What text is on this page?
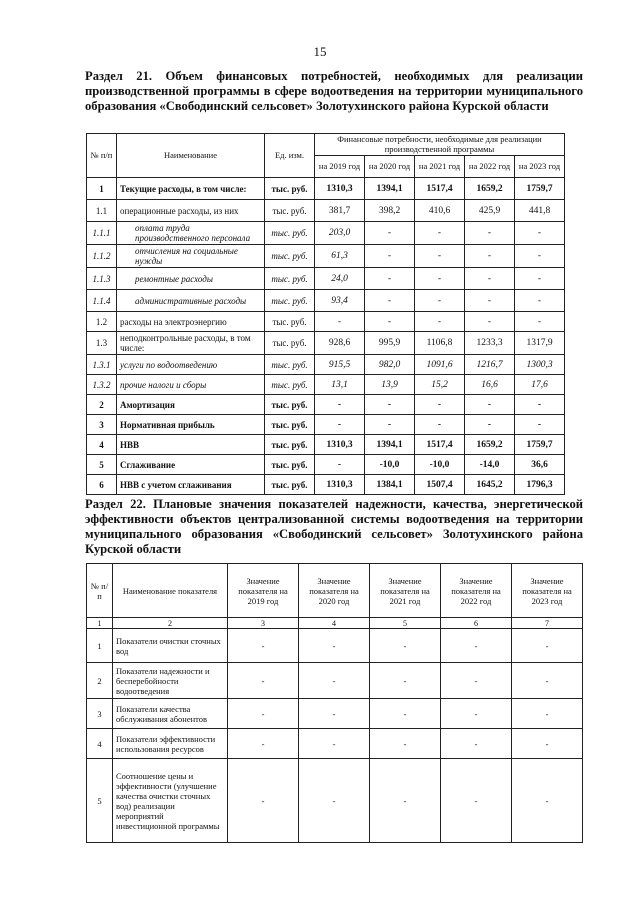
15
Раздел 21. Объем финансовых потребностей, необходимых для реализации производственной программы в сфере водоотведения на территории муниципального образования «Свободинский сельсовет» Золотухинского района Курской области
№ п/п	Наименование	Ед. изм.	Финансовые потребности, необходимые для реализации производственной программы				
			на 2019 год	на 2020 год	на 2021 год	на 2022 год	на 2023 год
1	Текущие расходы, в том числе:	тыс. руб.	1310,3	1394,1	1517,4	1659,2	1759,7
1.1	операционные расходы, из них	тыс. руб.	381,7	398,2	410,6	425,9	441,8
1.1.1	оплата труда производственного персонала	тыс. руб.	203,0	-	-	-	-
1.1.2	отчисления на социальные нужды	тыс. руб.	61,3	-	-	-	-
1.1.3	ремонтные расходы	тыс. руб.	24,0	-	-	-	-
1.1.4	административные расходы	тыс. руб.	93,4	-	-	-	-
1.2	расходы на электроэнергию	тыс. руб.	-	-	-	-	-
1.3	неподконтрольные расходы, в том числе:	тыс. руб.	928,6	995,9	1106,8	1233,3	1317,9
1.3.1	услуги по водоотведению	тыс. руб.	915,5	982,0	1091,6	1216,7	1300,3
1.3.2	прочие налоги и сборы	тыс. руб.	13,1	13,9	15,2	16,6	17,6
2	Амортизация	тыс. руб.	-	-	-	-	-
3	Нормативная прибыль	тыс. руб.	-	-	-	-	-
4	НВВ	тыс. руб.	1310,3	1394,1	1517,4	1659,2	1759,7
5	Сглаживание	тыс. руб.	-	-10,0	-10,0	-14,0	36,6
6	НВВ с учетом сглаживания	тыс. руб.	1310,3	1384,1	1507,4	1645,2	1796,3
Раздел 22. Плановые значения показателей надежности, качества, энергетической эффективности объектов централизованной системы водоотведения на территории муниципального образования «Свободинский сельсовет» Золотухинского района Курской области
№ п/п	Наименование показателя	Значение показателя на 2019 год	Значение показателя на 2020 год	Значение показателя на 2021 год	Значение показателя на 2022 год	Значение показателя на 2023 год
1	2	3	4	5	6	7
1	Показатели очистки сточных вод	-	-	-	-	-
2	Показатели надежности и бесперебойности водоотведения	-	-	-	-	-
3	Показатели качества обслуживания абонентов	-	-	-	-	-
4	Показатели эффективности использования ресурсов	-	-	-	-	-
5	Соотношение цены и эффективности (улучшение качества очистки сточных вод) реализации мероприятий инвестиционной программы	-	-	-	-	-
